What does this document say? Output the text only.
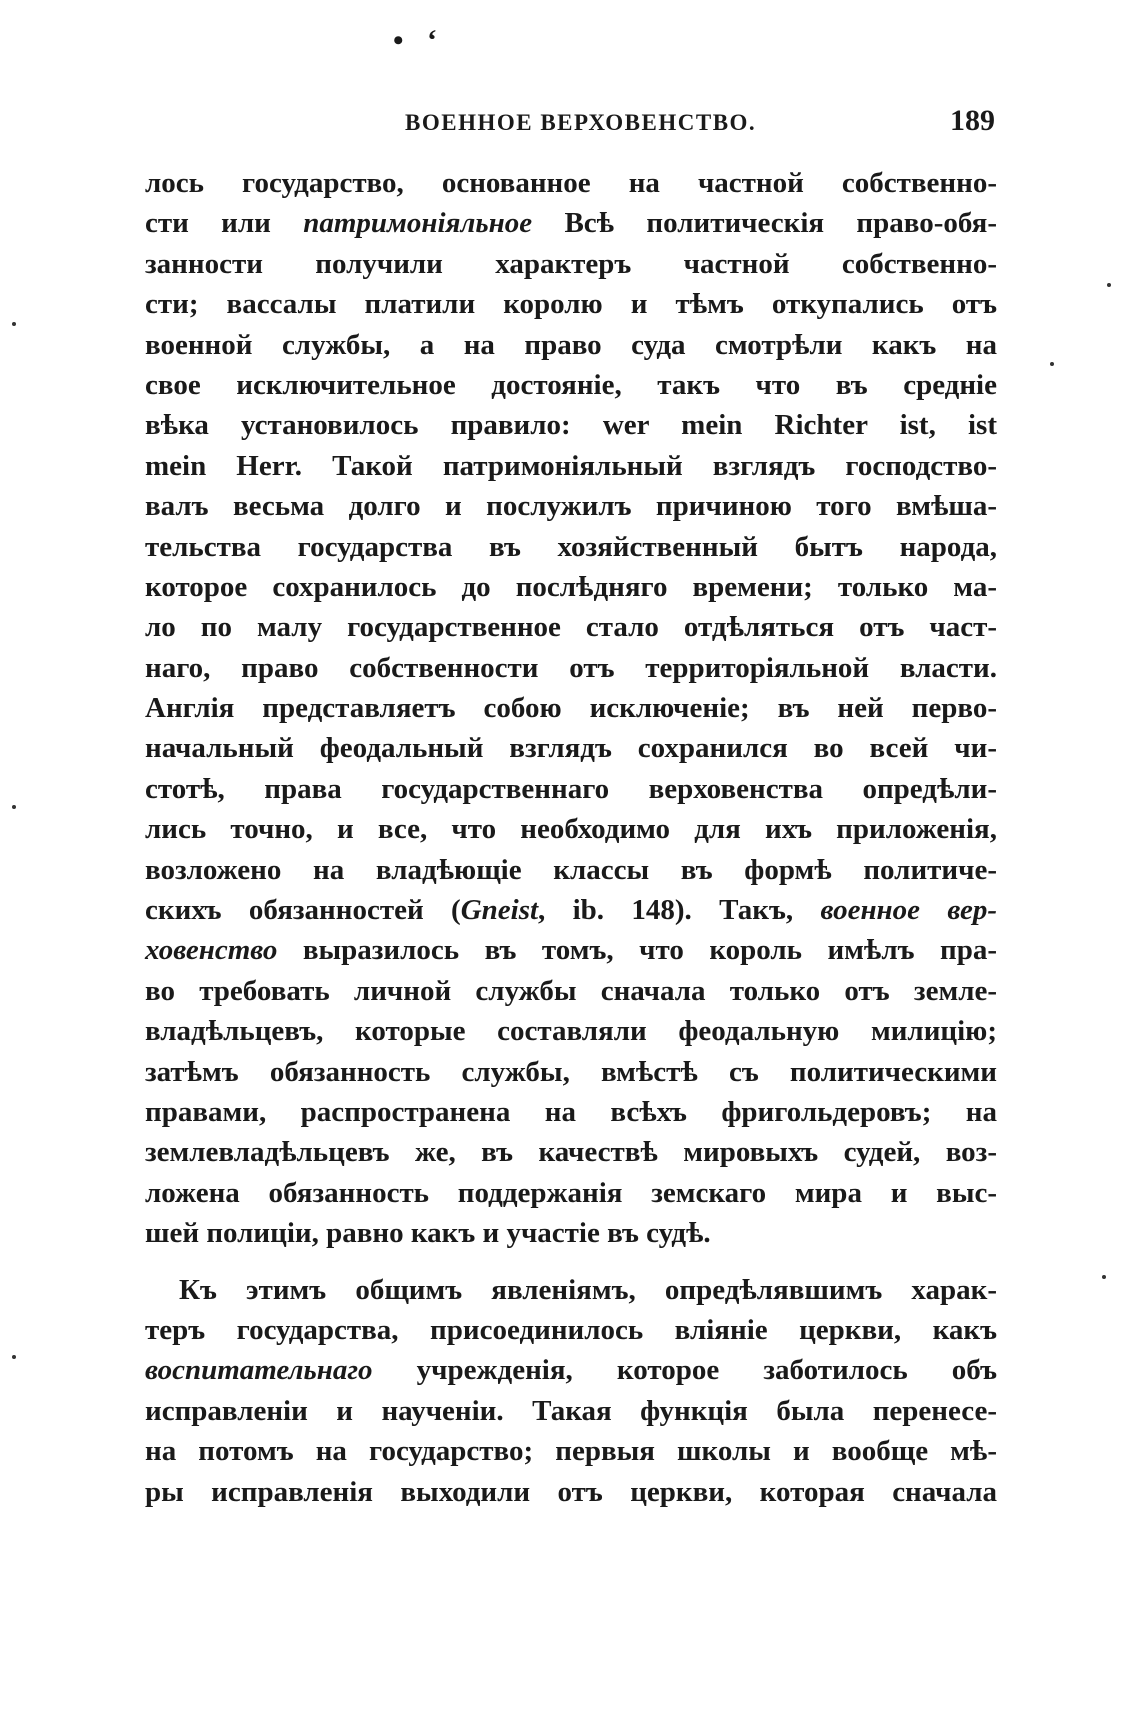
• ‘
ВОЕННОЕ ВЕРХОВЕНСТВО.	189
лось государство, основанное на частной собственно-
сти или патримоніяльное Всѣ политическія право-обя-
занности получили характеръ частной собственно-
сти; вассалы платили королю и тѣмъ откупались отъ
военной службы, а на право суда смотрѣли какъ на
свое исключительное достояніе, такъ что въ средніе
вѣка установилось правило: wer mein Richter ist, ist
mein Herr. Такой патримоніяльный взглядъ господство-
валъ весьма долго и послужилъ причиною того вмѣша-
тельства государства въ хозяйственный бытъ народа,
которое сохранилось до послѣдняго времени; только ма-
ло по малу государственное стало отдѣляться отъ част-
наго, право собственности отъ территоріяльной власти.
Англія представляетъ собою исключеніе; въ ней перво-
начальный феодальный взглядъ сохранился во всей чи-
стотѣ, права государственнаго верховенства опредѣли-
лись точно, и все, что необходимо для ихъ приложенія,
возложено на владѣющіе классы въ формѣ политиче-
скихъ обязанностей (Gneist, ib. 148). Такъ, военное вер-
ховенство выразилось въ томъ, что король имѣлъ пра-
во требовать личной службы сначала только отъ земле-
владѣльцевъ, которые составляли феодальную милицію;
затѣмъ обязанность службы, вмѣстѣ съ политическими
правами, распространена на всѣхъ фригольдеровъ; на
землевладѣльцевъ же, въ качествѣ мировыхъ судей, воз-
ложена обязанность поддержанія земскаго мира и выс-
шей полиціи, равно какъ и участіе въ судѣ.
Къ этимъ общимъ явленіямъ, опредѣлявшимъ харак-
теръ государства, присоединилось вліяніе церкви, какъ
воспитательнаго учрежденія, которое заботилось объ
исправленіи и наученіи. Такая функція была перенесе-
на потомъ на государство; первыя школы и вообще мѣ-
ры исправленія выходили отъ церкви, которая сначала
